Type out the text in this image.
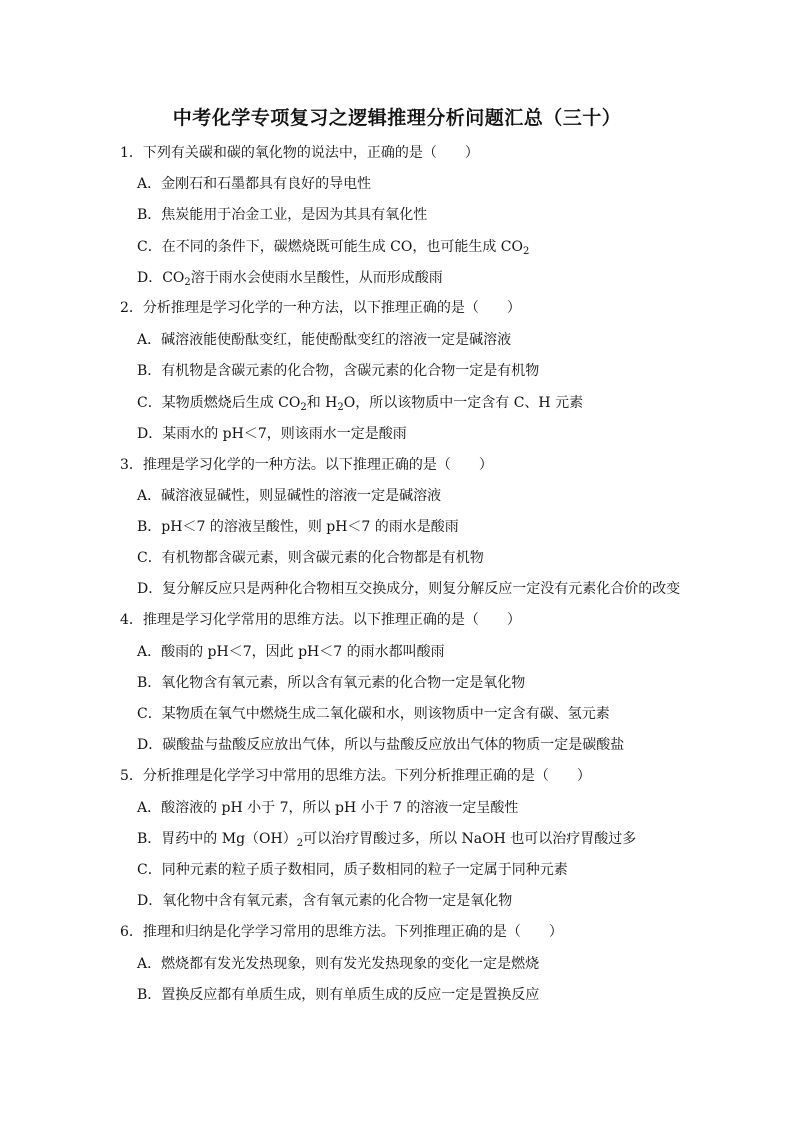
中考化学专项复习之逻辑推理分析问题汇总（三十）
1．下列有关碳和碳的氧化物的说法中，正确的是（　　）
A．金刚石和石墨都具有良好的导电性
B．焦炭能用于冶金工业，是因为其具有氧化性
C．在不同的条件下，碳燃烧既可能生成 CO，也可能生成 $CO_2$
D．$CO_2$溶于雨水会使雨水呈酸性，从而形成酸雨
2．分析推理是学习化学的一种方法，以下推理正确的是（　　）
A．碱溶液能使酚酞变红，能使酚酞变红的溶液一定是碱溶液
B．有机物是含碳元素的化合物，含碳元素的化合物一定是有机物
C．某物质燃烧后生成 $CO_2$和 $H_2O$，所以该物质中一定含有 C、H 元素
D．某雨水的 pH＜7，则该雨水一定是酸雨
3．推理是学习化学的一种方法。以下推理正确的是（　　）
A．碱溶液显碱性，则显碱性的溶液一定是碱溶液
B．pH＜7 的溶液呈酸性，则 pH＜7 的雨水是酸雨
C．有机物都含碳元素，则含碳元素的化合物都是有机物
D．复分解反应只是两种化合物相互交换成分，则复分解反应一定没有元素化合价的改变
4．推理是学习化学常用的思维方法。以下推理正确的是（　　）
A．酸雨的 pH＜7，因此 pH＜7 的雨水都叫酸雨
B．氧化物含有氧元素，所以含有氧元素的化合物一定是氧化物
C．某物质在氧气中燃烧生成二氧化碳和水，则该物质中一定含有碳、氢元素
D．碳酸盐与盐酸反应放出气体，所以与盐酸反应放出气体的物质一定是碳酸盐
5．分析推理是化学学习中常用的思维方法。下列分析推理正确的是（　　）
A．酸溶液的 pH 小于 7，所以 pH 小于 7 的溶液一定呈酸性
B．胃药中的 $Mg(OH)_2$可以治疗胃酸过多，所以 NaOH 也可以治疗胃酸过多
C．同种元素的粒子质子数相同，质子数相同的粒子一定属于同种元素
D．氧化物中含有氧元素，含有氧元素的化合物一定是氧化物
6．推理和归纳是化学学习常用的思维方法。下列推理正确的是（　　）
A．燃烧都有发光发热现象，则有发光发热现象的变化一定是燃烧
B．置换反应都有单质生成，则有单质生成的反应一定是置换反应
